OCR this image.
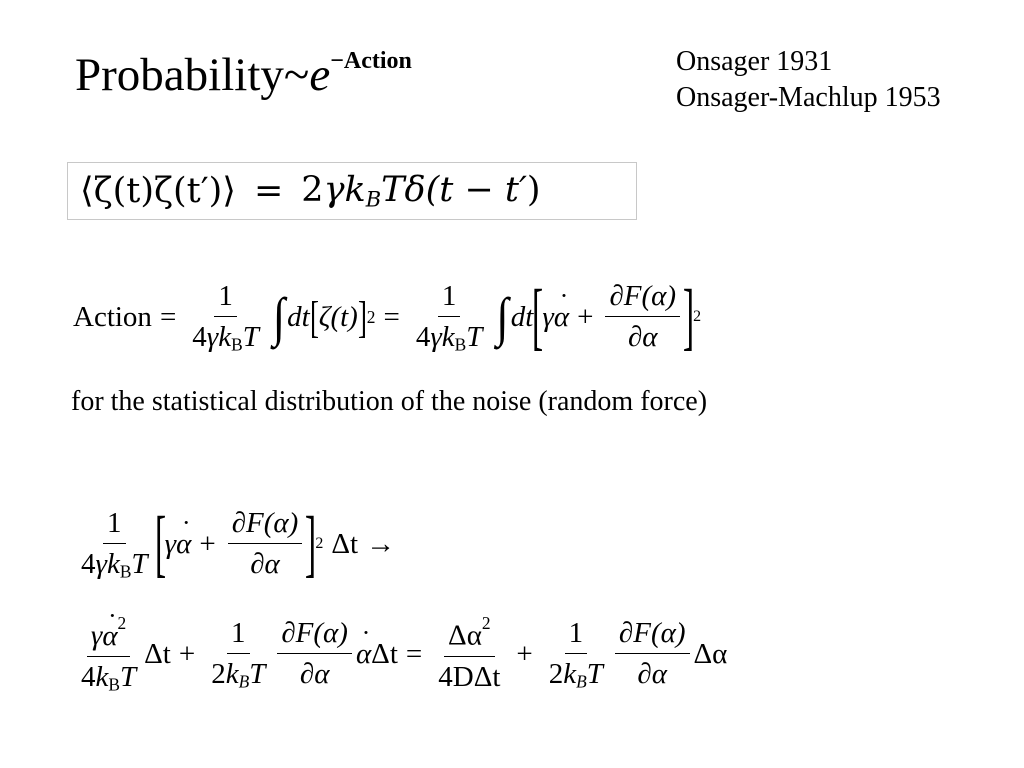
$Probability\sim e^{-Action}$	Onsager 1931
Onsager-Machlup 1953
⟨ζ(t)ζ(t′)⟩ = 2γkBTδ(t − t′)
Action = $\frac{1}{4\gamma k_BT}$ ∫ dt [ ζ (t) ] $2 = \frac{1}{4\gamma k_BT}$ ∫ dt
[
γ α ˙ + $\frac{\partial F(\alpha)}{\partial\alpha}$ ]
2
for the statistical distribution of the noise (random force)
$\frac{1}{4\gamma k_BT}$ [
γ α ˙ + $\frac{\partial F(\alpha)}{\partial\alpha}$ ]
2 Δt →
$\frac{\gamma\alpha ˙^2}{4k_BT}$ $\Delta t + \frac{1}{\text{2kBT}} \frac{\partial F(\alpha)}{\partial\alpha}$ α ˙ $\Delta t = \frac{\Delta\alpha^2}{\text{4DΔt}} + \frac{1}{\text{2kBT}} \frac{\partial F(\alpha)}{\partial\alpha}$ Δα
